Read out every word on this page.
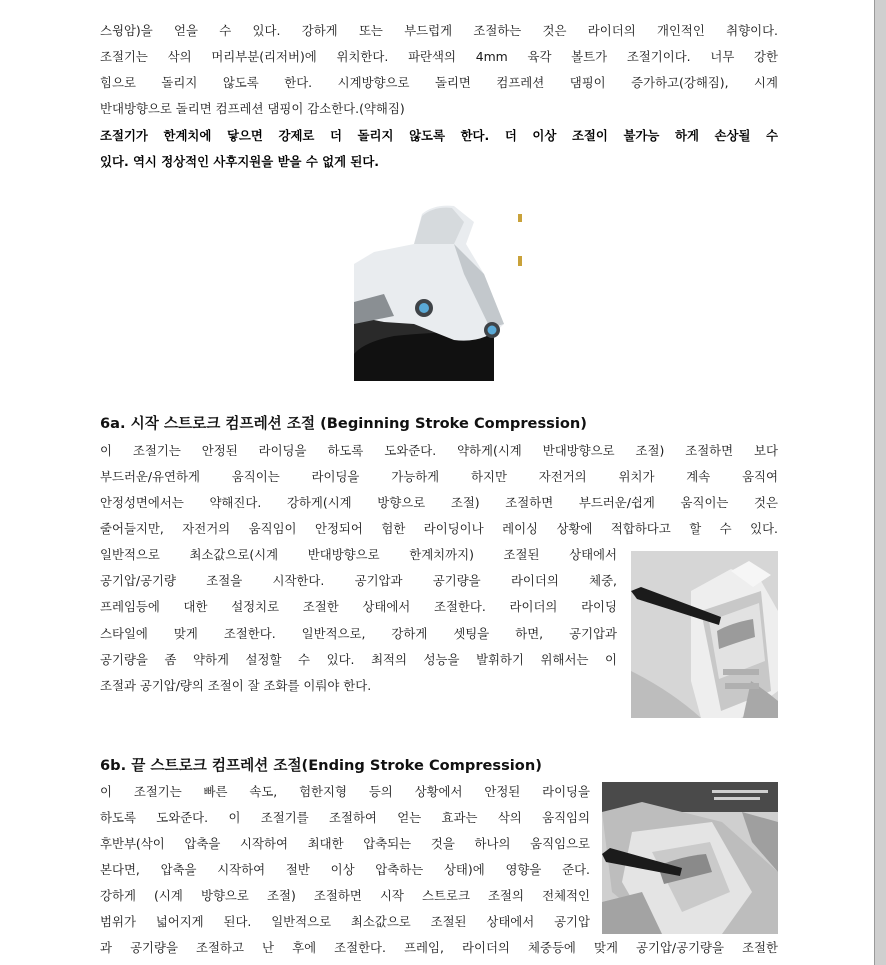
스윙암)을 얻을 수 있다. 강하게 또는 부드럽게 조절하는 것은 라이더의 개인적인 취향이다.
조절기는 삭의 머리부분(리저버)에 위치한다. 파란색의 4mm 육각 볼트가 조절기이다. 너무 강한
힘으로 돌리지 않도록 한다. 시계방향으로 돌리면 컴프레션 댐핑이 증가하고(강해짐), 시계
반대방향으로 돌리면 컴프레션 댐핑이 감소한다.(약해짐)
조절기가 한계치에 닿으면 강제로 더 돌리지 않도록 한다. 더 이상 조절이 불가능 하게 손상될 수
있다. 역시 정상적인 사후지원을 받을 수 없게 된다.
6a. 시작 스트로크 컴프레션 조절 (Beginning Stroke Compression)
이 조절기는 안정된 라이딩을 하도록 도와준다. 약하게(시계 반대방향으로 조절) 조절하면 보다
부드러운/유연하게 움직이는 라이딩을 가능하게 하지만 자전거의 위치가 계속 움직여
안정성면에서는 약해진다. 강하게(시계 방향으로 조절) 조절하면 부드러운/쉽게 움직이는 것은
줄어들지만, 자전거의 움직임이 안정되어 험한 라이딩이나 레이싱 상황에 적합하다고 할 수 있다.
일반적으로 최소값으로(시계 반대방향으로 한계치까지) 조절된 상태에서
공기압/공기량 조절을 시작한다. 공기압과 공기량을 라이더의 체중,
프레임등에 대한 설정치로 조절한 상태에서 조절한다. 라이더의 라이딩
스타일에 맞게 조절한다. 일반적으로, 강하게 셋팅을 하면, 공기압과
공기량을 좀 약하게 설정할 수 있다. 최적의 성능을 발휘하기 위해서는 이
조절과 공기압/량의 조절이 잘 조화를 이뤄야 한다.
6b. 끝 스트로크 컴프레션 조절(Ending Stroke Compression)
이 조절기는 빠른 속도, 험한지형 등의 상황에서 안정된 라이딩을
하도록 도와준다. 이 조절기를 조절하여 얻는 효과는 삭의 움직임의
후반부(삭이 압축을 시작하여 최대한 압축되는 것을 하나의 움직임으로
본다면, 압축을 시작하여 절반 이상 압축하는 상태)에 영향을 준다.
강하게 (시계 방향으로 조절) 조절하면 시작 스트로크 조절의 전체적인
범위가 넓어지게 된다. 일반적으로 최소값으로 조절된 상태에서 공기압
과 공기량을 조절하고 난 후에 조절한다. 프레임, 라이더의 체중등에 맞게 공기압/공기량을 조절한
